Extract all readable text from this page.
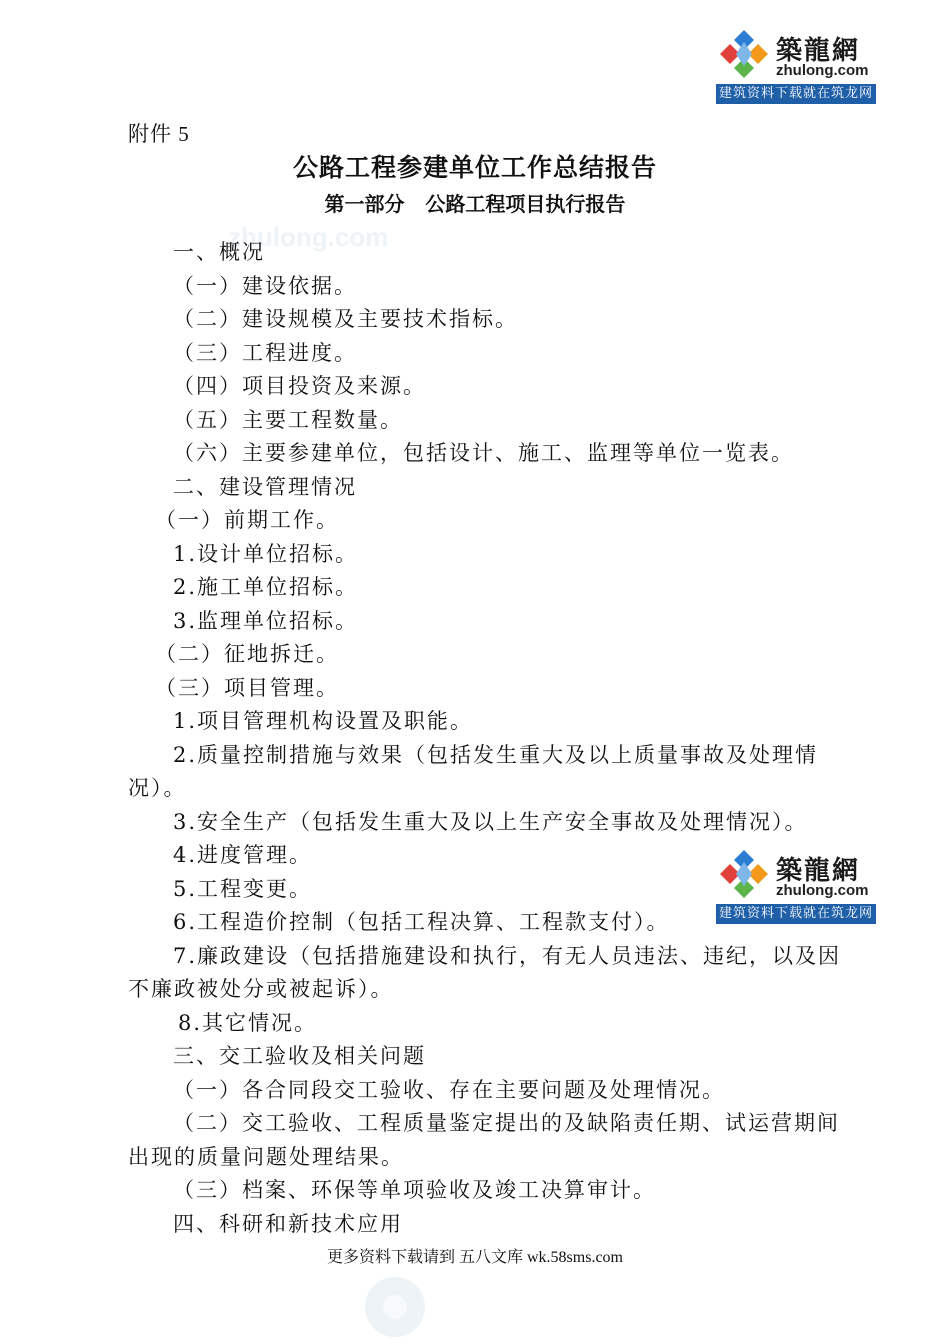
築龍網
zhulong.com
建筑资料下载就在筑龙网
築龍網
zhulong.com
建筑资料下载就在筑龙网
zhulong.com
附件 5
公路工程参建单位工作总结报告
第一部分   公路工程项目执行报告
一、概况
（一）建设依据。
（二）建设规模及主要技术指标。
（三）工程进度。
（四）项目投资及来源。
（五）主要工程数量。
（六）主要参建单位，包括设计、施工、监理等单位一览表。
二、建设管理情况
（一）前期工作。
1.设计单位招标。
2.施工单位招标。
3.监理单位招标。
（二）征地拆迁。
（三）项目管理。
1.项目管理机构设置及职能。
2.质量控制措施与效果（包括发生重大及以上质量事故及处理情
况）。
3.安全生产（包括发生重大及以上生产安全事故及处理情况）。
4.进度管理。
5.工程变更。
6.工程造价控制（包括工程决算、工程款支付）。
7.廉政建设（包括措施建设和执行，有无人员违法、违纪，以及因
不廉政被处分或被起诉）。
8.其它情况。
三、交工验收及相关问题
（一）各合同段交工验收、存在主要问题及处理情况。
（二）交工验收、工程质量鉴定提出的及缺陷责任期、试运营期间
出现的质量问题处理结果。
（三）档案、环保等单项验收及竣工决算审计。
四、科研和新技术应用
更多资料下载请到 五八文库 wk.58sms.com
